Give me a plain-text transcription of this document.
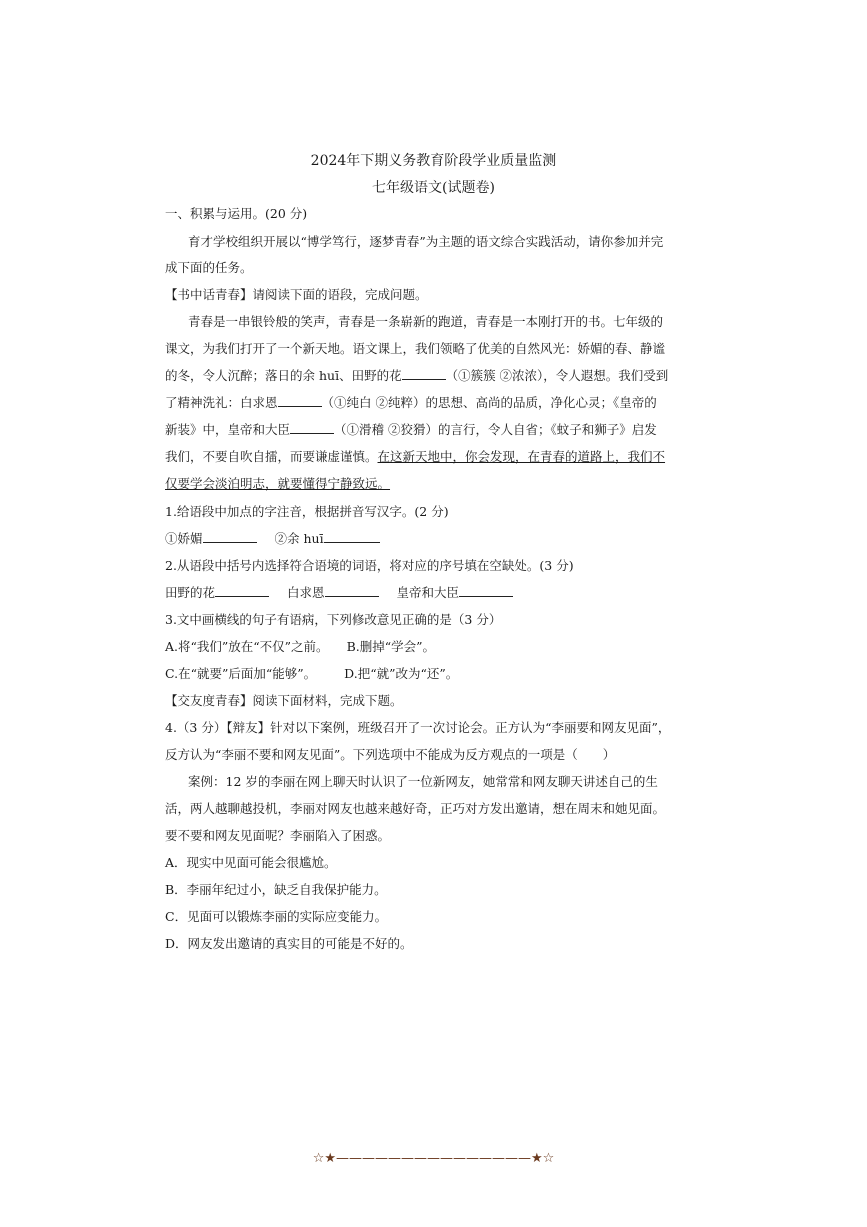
2024年下期义务教育阶段学业质量监测
七年级语文(试题卷)
一、积累与运用。(20 分)
育才学校组织开展以“博学笃行，逐梦青春”为主题的语文综合实践活动，请你参加并完
成下面的任务。
【书中话青春】请阅读下面的语段，完成问题。
青春是一串银铃般的笑声，青春是一条崭新的跑道，青春是一本刚打开的书。七年级的
课文，为我们打开了一个新天地。语文课上，我们领略了优美的自然风光：娇媚的春、静谧
的冬，令人沉醉；落日的余 huī、田野的花	（①簇簇 ②浓浓），令人遐想。我们受到
了精神洗礼：白求恩	（①纯白 ②纯粹）的思想、高尚的品质，净化心灵；《皇帝的
新装》中，皇帝和大臣	（①滑稽 ②狡猾）的言行，令人自省；《蚊子和狮子》启发
我们，不要自吹自擂，而要谦虚谨慎。在这新天地中，你会发现，在青春的道路上，我们不
仅要学会淡泊明志，就要懂得宁静致远。
1.给语段中加点的字注音，根据拼音写汉字。(2 分)
①娇媚	②余 huī
2.从语段中括号内选择符合语境的词语，将对应的序号填在空缺处。(3 分)
田野的花	白求恩	皇帝和大臣
3.文中画横线的句子有语病，下列修改意见正确的是（3 分）
A.将“我们”放在“不仅”之前。 B.删掉“学会”。
C.在“就要”后面加“能够”。 D.把“就”改为“还”。
【交友度青春】阅读下面材料，完成下题。
4.（3 分）【辩友】针对以下案例，班级召开了一次讨论会。正方认为“李丽要和网友见面”，
反方认为“李丽不要和网友见面”。下列选项中不能成为反方观点的一项是（　　）
案例：12 岁的李丽在网上聊天时认识了一位新网友，她常常和网友聊天讲述自己的生
活，两人越聊越投机，李丽对网友也越来越好奇，正巧对方发出邀请，想在周末和她见面。
要不要和网友见面呢？李丽陷入了困惑。
A．现实中见面可能会很尴尬。
B．李丽年纪过小，缺乏自我保护能力。
C．见面可以锻炼李丽的实际应变能力。
D．网友发出邀请的真实目的可能是不好的。
☆★———————————————★☆
